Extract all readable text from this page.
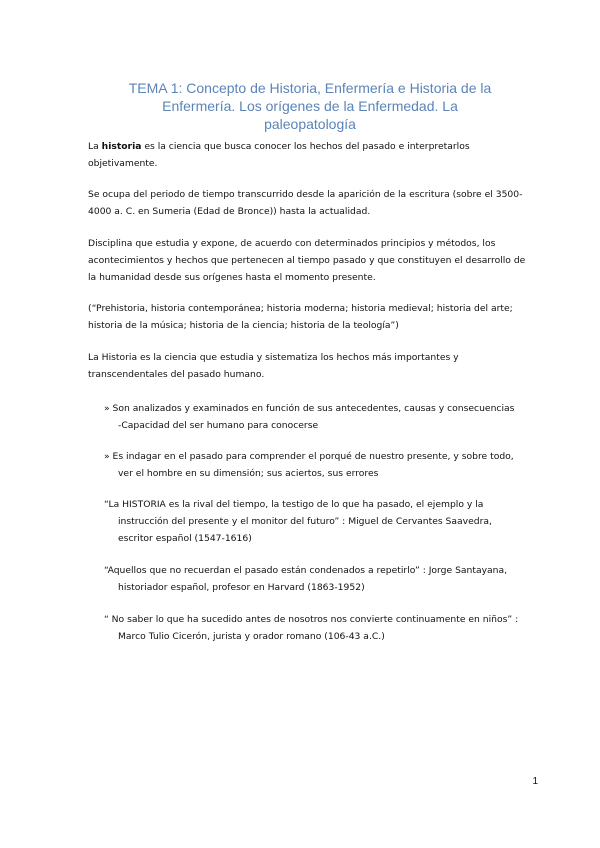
TEMA 1: Concepto de Historia, Enfermería e Historia de la
Enfermería. Los orígenes de la Enfermedad. La
paleopatología

La historia es la ciencia que busca conocer los hechos del pasado e interpretarlos objetivamente.

Se ocupa del periodo de tiempo transcurrido desde la aparición de la escritura (sobre el 3500-4000 a. C. en Sumeria (Edad de Bronce)) hasta la actualidad.

Disciplina que estudia y expone, de acuerdo con determinados principios y métodos, los acontecimientos y hechos que pertenecen al tiempo pasado y que constituyen el desarrollo de la humanidad desde sus orígenes hasta el momento presente.

(“Prehistoria, historia contemporánea; historia moderna; historia medieval; historia del arte; historia de la música; historia de la ciencia; historia de la teología”)

La Historia es la ciencia que estudia y sistematiza los hechos más importantes y transcendentales del pasado humano.

» Son analizados y examinados en función de sus antecedentes, causas y consecuencias
-Capacidad del ser humano para conocerse
» Es indagar en el pasado para comprender el porqué de nuestro presente, y sobre todo,
ver el hombre en su dimensión; sus aciertos, sus errores
“La HISTORIA es la rival del tiempo, la testigo de lo que ha pasado, el ejemplo y la
instrucción del presente y el monitor del futuro” : Miguel de Cervantes Saavedra,
escritor español (1547-1616)
“Aquellos que no recuerdan el pasado están condenados a repetirlo” : Jorge Santayana,
historiador español, profesor en Harvard (1863-1952)
“ No saber lo que ha sucedido antes de nosotros nos convierte continuamente en niños” :
Marco Tulio Cicerón, jurista y orador romano (106-43 a.C.)
1
